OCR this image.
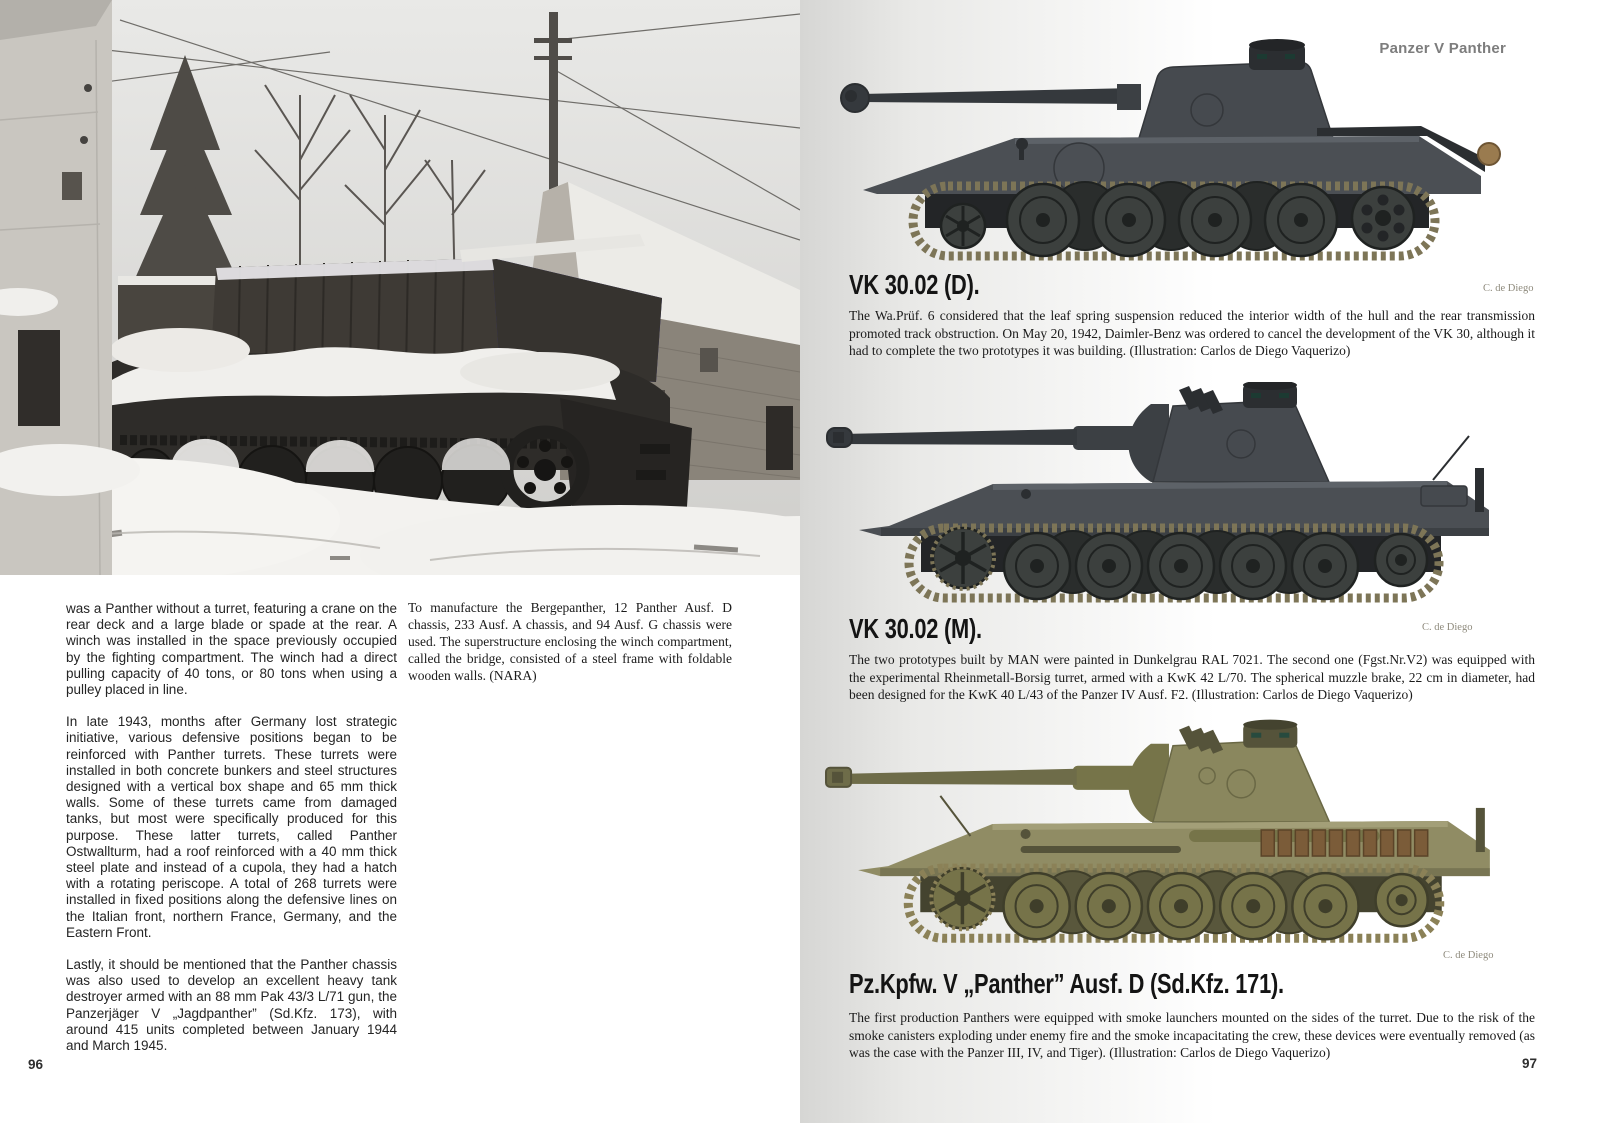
was a Panther without a turret, featuring a crane on the rear deck and a large blade or spade at the rear. A winch was installed in the space previously occupied by the fighting compartment. The winch had a direct pulling capacity of 40 tons, or 80 tons when using a pulley placed in line.

In late 1943, months after Germany lost strategic initiative, various defensive positions began to be reinforced with Panther turrets. These turrets were installed in both concrete bunkers and steel structures designed with a vertical box shape and 65 mm thick walls. Some of these turrets came from damaged tanks, but most were specifically produced for this purpose. These latter turrets, called Panther Ostwallturm, had a roof reinforced with a 40 mm thick steel plate and instead of a cupola, they had a hatch with a rotating periscope. A total of 268 turrets were installed in fixed positions along the defensive lines on the Italian front, northern France, Germany, and the Eastern Front.

Lastly, it should be mentioned that the Panther chassis was also used to develop an excellent heavy tank destroyer armed with an 88 mm Pak 43/3 L/71 gun, the Panzerjäger V „Jagdpanther” (Sd.Kfz. 173), with around 415 units completed between January 1944 and March 1945.

To manufacture the Bergepanther, 12 Panther Ausf. D chassis, 233 Ausf. A chassis, and 94 Ausf. G chassis were used. The superstructure enclosing the winch compartment, called the bridge, consisted of a steel frame with foldable wooden walls. (NARA)
96
Panzer V Panther
C. de Diego
VK 30.02 (D).

The Wa.Prüf. 6 considered that the leaf spring suspension reduced the interior width of the hull and the rear transmission promoted track obstruction. On May 20, 1942, Daimler-Benz was ordered to cancel the development of the VK 30, although it had to complete the two prototypes it was building. (Illustration: Carlos de Diego Vaquerizo)

C. de Diego
VK 30.02 (M).

The two prototypes built by MAN were painted in Dunkelgrau RAL 7021. The second one (Fgst.Nr.V2) was equipped with the experimental Rheinmetall-Borsig turret, armed with a KwK 42 L/70. The spherical muzzle brake, 22 cm in diameter, had been designed for the KwK 40 L/43 of the Panzer IV Ausf. F2. (Illustration: Carlos de Diego Vaquerizo)

C. de Diego
Pz.Kpfw. V „Panther” Ausf. D (Sd.Kfz. 171).

The first production Panthers were equipped with smoke launchers mounted on the sides of the turret. Due to the risk of the smoke canisters exploding under enemy fire and the smoke incapacitating the crew, these devices were eventually removed (as was the case with the Panzer III, IV, and Tiger). (Illustration: Carlos de Diego Vaquerizo)

97
